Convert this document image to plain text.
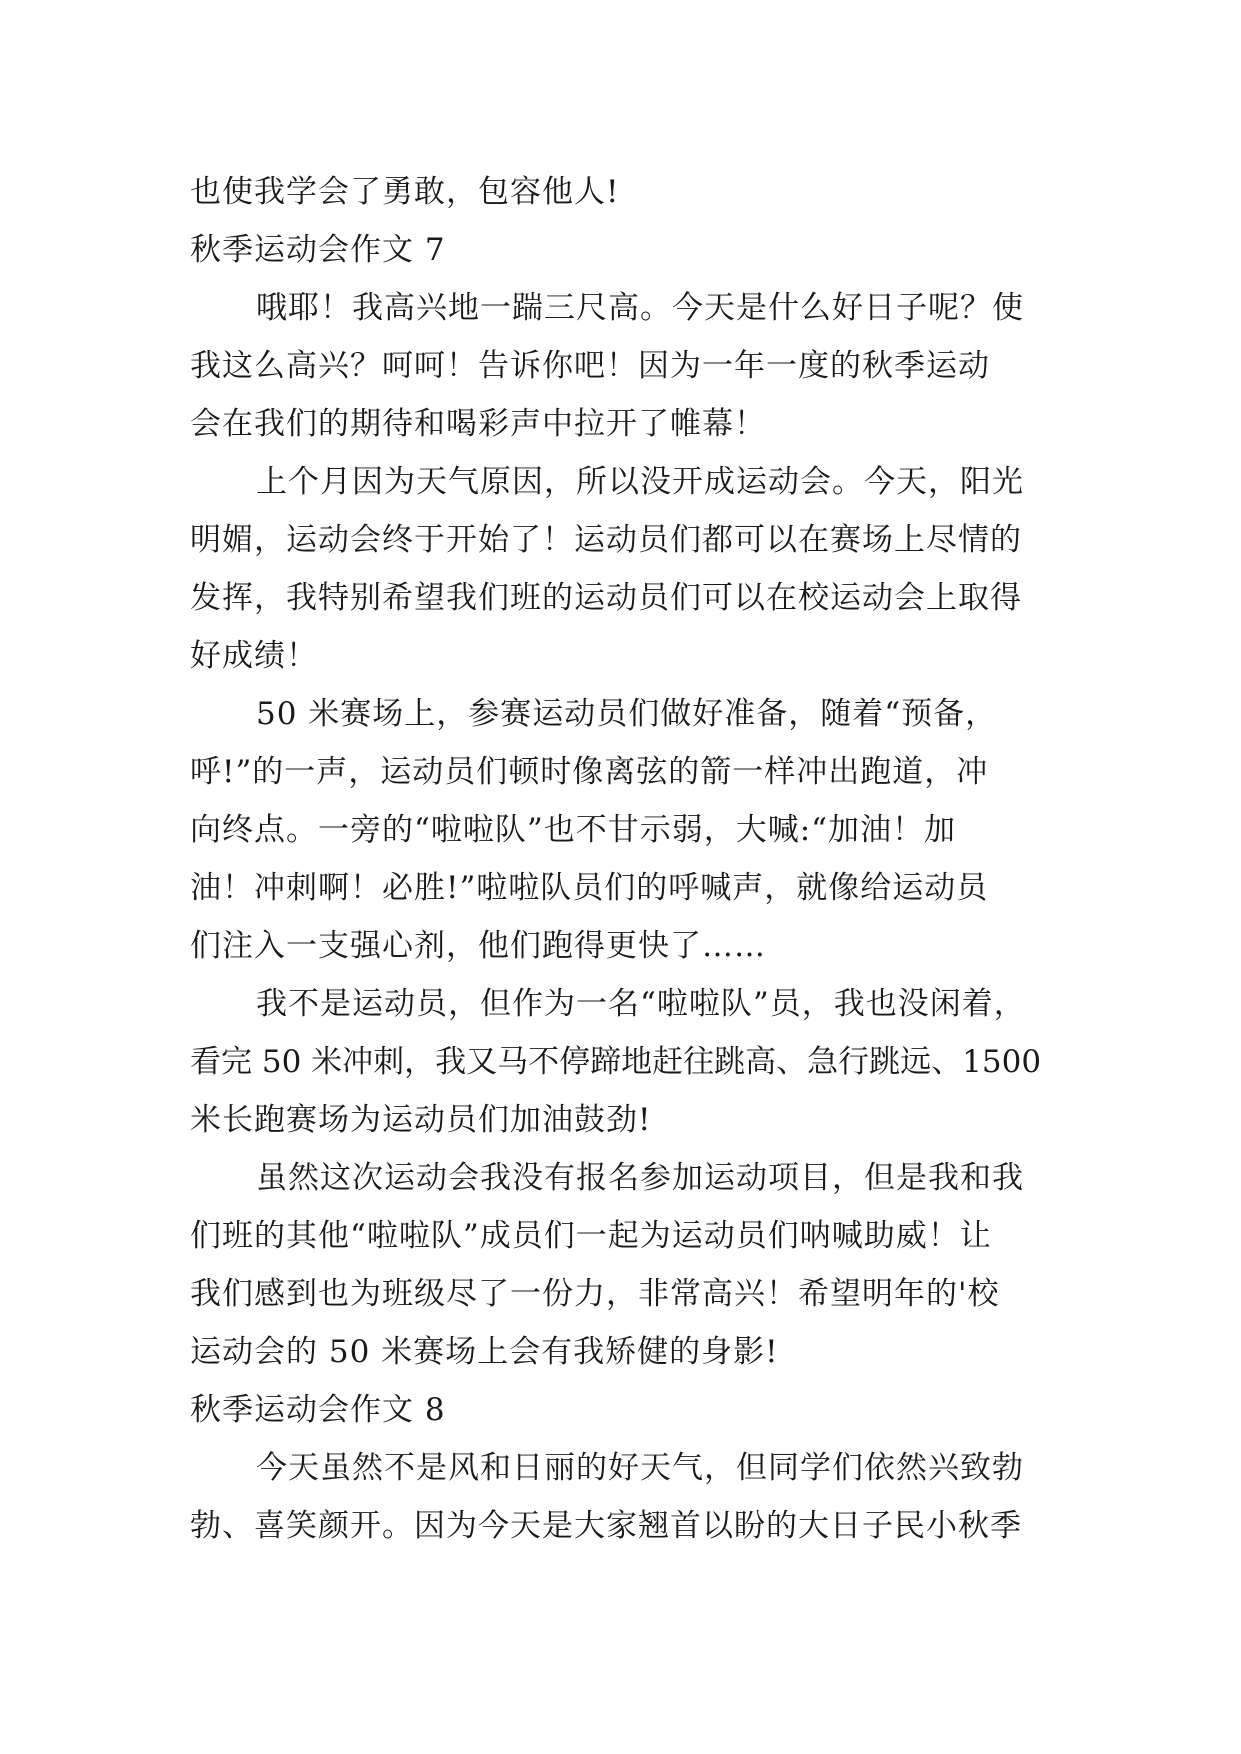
也使我学会了勇敢，包容他人!
秋季运动会作文 7
哦耶！我高兴地一踹三尺高。今天是什么好日子呢？使
我这么高兴？呵呵！告诉你吧！因为一年一度的秋季运动
会在我们的期待和喝彩声中拉开了帷幕！
上个月因为天气原因，所以没开成运动会。今天，阳光
明媚，运动会终于开始了！运动员们都可以在赛场上尽情的
发挥，我特别希望我们班的运动员们可以在校运动会上取得
好成绩！
50 米赛场上，参赛运动员们做好准备，随着“预备，
呼!”的一声，运动员们顿时像离弦的箭一样冲出跑道，冲
向终点。一旁的“啦啦队”也不甘示弱，大喊:“加油！加
油！冲刺啊！必胜!”啦啦队员们的呼喊声，就像给运动员
们注入一支强心剂，他们跑得更快了……
我不是运动员，但作为一名“啦啦队”员，我也没闲着，
看完 50 米冲刺，我又马不停蹄地赶往跳高、急行跳远、1500
米长跑赛场为运动员们加油鼓劲!
虽然这次运动会我没有报名参加运动项目，但是我和我
们班的其他“啦啦队”成员们一起为运动员们呐喊助威！让
我们感到也为班级尽了一份力，非常高兴！希望明年的'校
运动会的 50 米赛场上会有我矫健的身影!
秋季运动会作文 8
今天虽然不是风和日丽的好天气，但同学们依然兴致勃
勃、喜笑颜开。因为今天是大家翘首以盼的大日子民小秋季
